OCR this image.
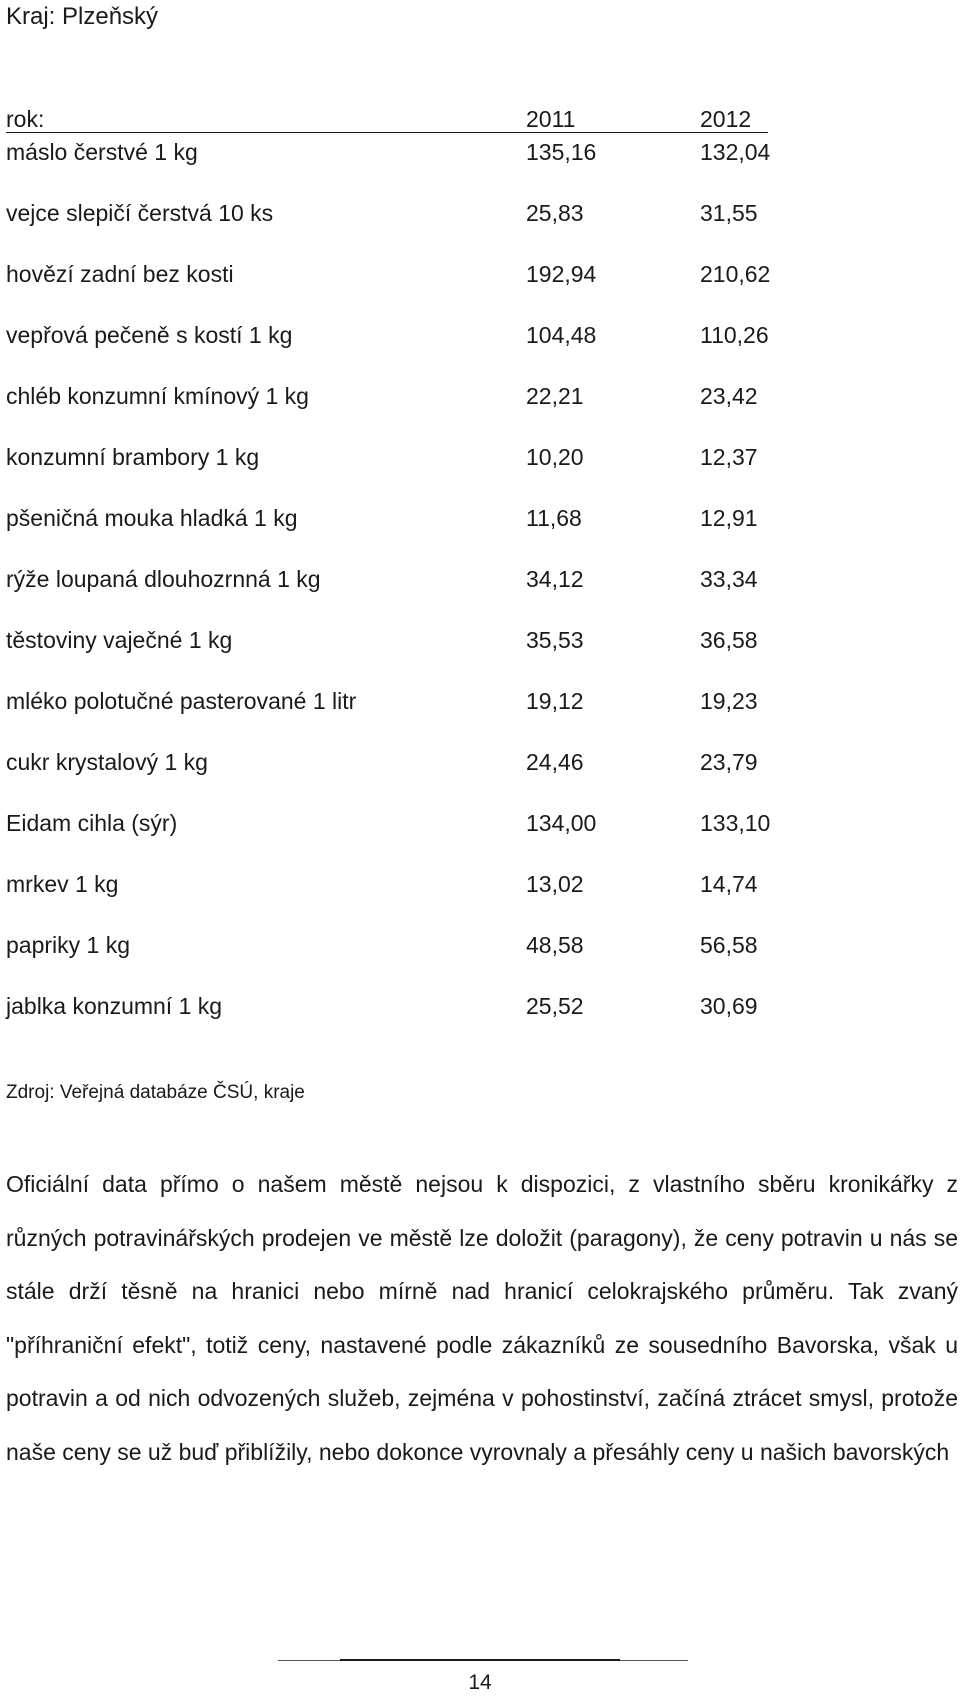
Kraj: Plzeňský
rok:	2011	2012
máslo čerstvé 1 kg	135,16	132,04
vejce slepičí čerstvá 10 ks	25,83	31,55
hovězí zadní bez kosti	192,94	210,62
vepřová pečeně s kostí 1 kg	104,48	110,26
chléb konzumní kmínový 1 kg	22,21	23,42
konzumní brambory 1 kg	10,20	12,37
pšeničná mouka hladká 1 kg	11,68	12,91
rýže loupaná dlouhozrnná 1 kg	34,12	33,34
těstoviny vaječné 1 kg	35,53	36,58
mléko polotučné pasterované 1 litr	19,12	19,23
cukr krystalový 1 kg	24,46	23,79
Eidam cihla (sýr)	134,00	133,10
mrkev 1 kg	13,02	14,74
papriky 1 kg	48,58	56,58
jablka konzumní 1 kg	25,52	30,69
Zdroj: Veřejná databáze ČSÚ, kraje
Oficiální data přímo o našem městě nejsou k dispozici, z vlastního sběru kronikářky z různých potravinářských prodejen ve městě lze doložit (paragony), že ceny potravin u nás se stále drží těsně na hranici nebo mírně nad hranicí celokrajského průměru. Tak zvaný "příhraniční efekt", totiž ceny, nastavené podle zákazníků ze sousedního Bavorska, však u potravin a od nich odvozených služeb, zejména v pohostinství, začíná ztrácet smysl, protože naše ceny se už buď přiblížily, nebo dokonce vyrovnaly a přesáhly ceny u našich bavorských
14
